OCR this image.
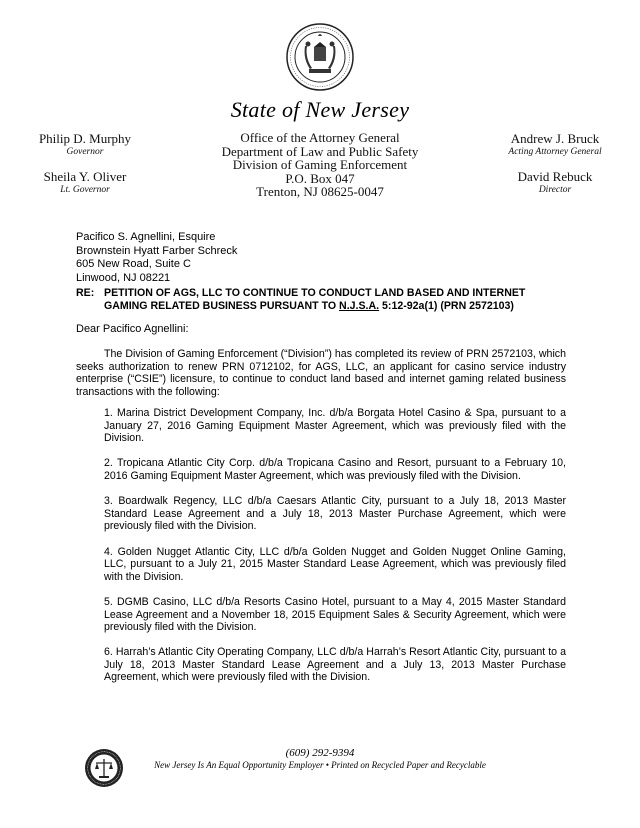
State of New Jersey
Philip D. Murphy
Governor
Sheila Y. Oliver
Lt. Governor
Office of the Attorney General
Department of Law and Public Safety
Division of Gaming Enforcement
P.O. Box 047
Trenton, NJ 08625-0047
Andrew J. Bruck
Acting Attorney General
David Rebuck
Director
Pacifico S. Agnellini, Esquire
Brownstein Hyatt Farber Schreck
605 New Road, Suite C
Linwood, NJ 08221
RE: PETITION OF AGS, LLC TO CONTINUE TO CONDUCT LAND BASED AND INTERNET GAMING RELATED BUSINESS PURSUANT TO N.J.S.A. 5:12-92a(1) (PRN 2572103)
Dear Pacifico Agnellini:
The Division of Gaming Enforcement (“Division”) has completed its review of PRN 2572103, which seeks authorization to renew PRN 0712102, for AGS, LLC, an applicant for casino service industry enterprise (“CSIE”) licensure, to continue to conduct land based and internet gaming related business transactions with the following:

1. Marina District Development Company, Inc. d/b/a Borgata Hotel Casino & Spa, pursuant to a January 27, 2016 Gaming Equipment Master Agreement, which was previously filed with the Division.

2. Tropicana Atlantic City Corp. d/b/a Tropicana Casino and Resort, pursuant to a February 10, 2016 Gaming Equipment Master Agreement, which was previously filed with the Division.

3. Boardwalk Regency, LLC d/b/a Caesars Atlantic City, pursuant to a July 18, 2013 Master Standard Lease Agreement and a July 18, 2013 Master Purchase Agreement, which were previously filed with the Division.

4. Golden Nugget Atlantic City, LLC d/b/a Golden Nugget and Golden Nugget Online Gaming, LLC, pursuant to a July 21, 2015 Master Standard Lease Agreement, which was previously filed with the Division.

5. DGMB Casino, LLC d/b/a Resorts Casino Hotel, pursuant to a May 4, 2015 Master Standard Lease Agreement and a November 18, 2015 Equipment Sales & Security Agreement, which were previously filed with the Division.

6. Harrah’s Atlantic City Operating Company, LLC d/b/a Harrah’s Resort Atlantic City, pursuant to a July 18, 2013 Master Standard Lease Agreement and a July 13, 2013 Master Purchase Agreement, which were previously filed with the Division.

(609) 292-9394
New Jersey Is An Equal Opportunity Employer • Printed on Recycled Paper and Recyclable
